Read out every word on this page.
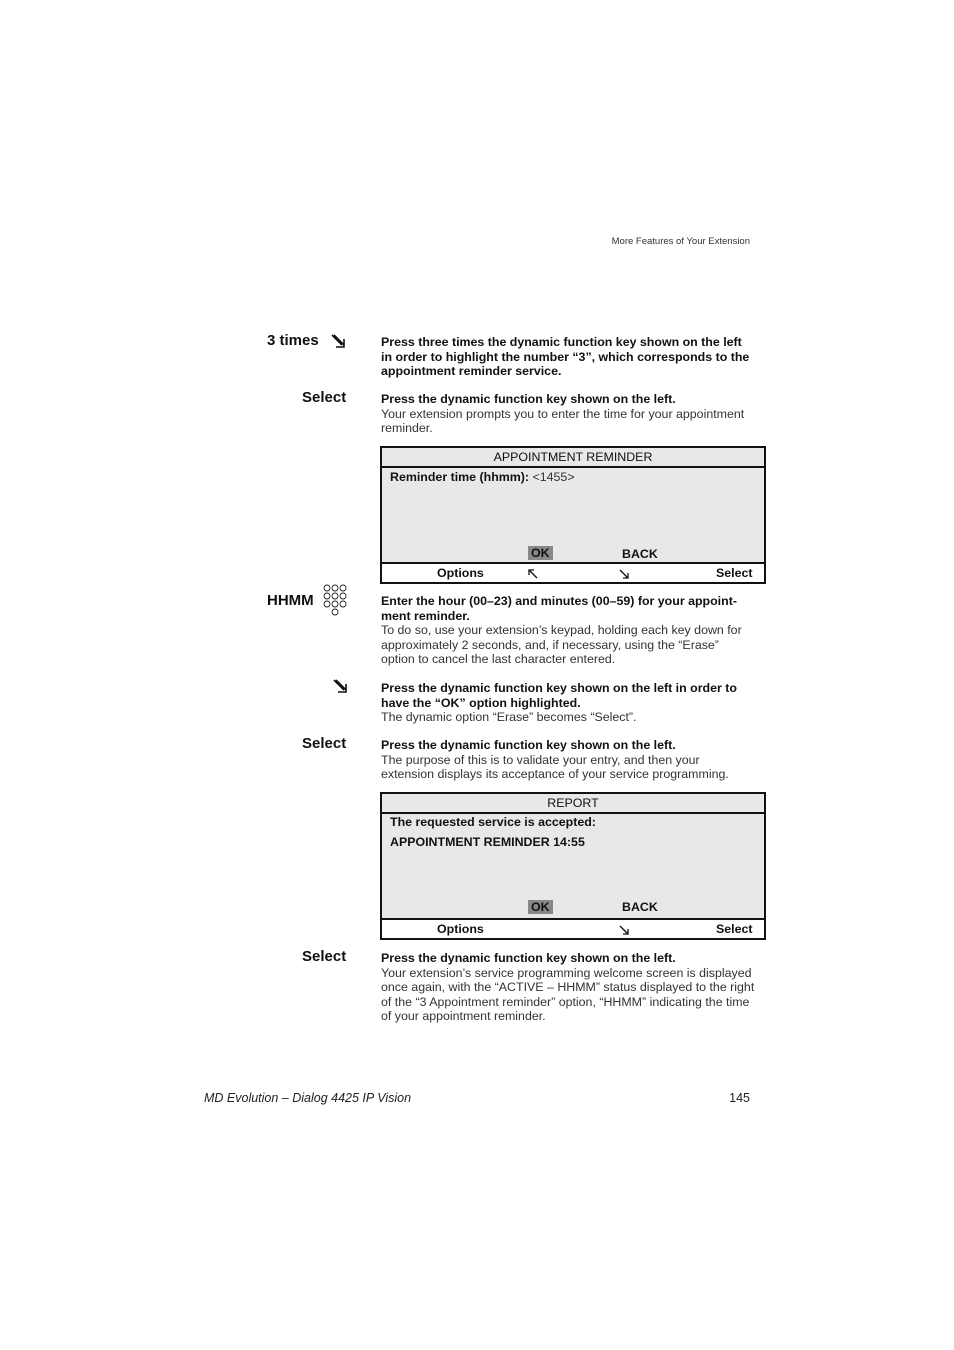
More Features of Your Extension
3 times	Press three times the dynamic function key shown on the left in order to highlight the number “3”, which corresponds to the appointment reminder service.
Select	Press the dynamic function key shown on the left.
Your extension prompts you to enter the time for your appointment reminder.
APPOINTMENT REMINDER
Reminder time (hhmm): <1455>
OK	BACK
Options	Select
HHMM	Enter the hour (00–23) and minutes (00–59) for your appoint-ment reminder.
To do so, use your extension’s keypad, holding each key down for approximately 2 seconds, and, if necessary, using the “Erase” option to cancel the last character entered.
Press the dynamic function key shown on the left in order to have the “OK” option highlighted.
The dynamic option “Erase” becomes “Select”.
Select	Press the dynamic function key shown on the left.
The purpose of this is to validate your entry, and then your extension displays its acceptance of your service programming.
REPORT
The requested service is accepted:
APPOINTMENT REMINDER 14:55
OK	BACK
Options	Select
Select	Press the dynamic function key shown on the left.
Your extension’s service programming welcome screen is displayed once again, with the “ACTIVE – HHMM” status displayed to the right of the “3 Appointment reminder” option, “HHMM” indicating the time of your appointment reminder.
MD Evolution – Dialog 4425 IP Vision	145
